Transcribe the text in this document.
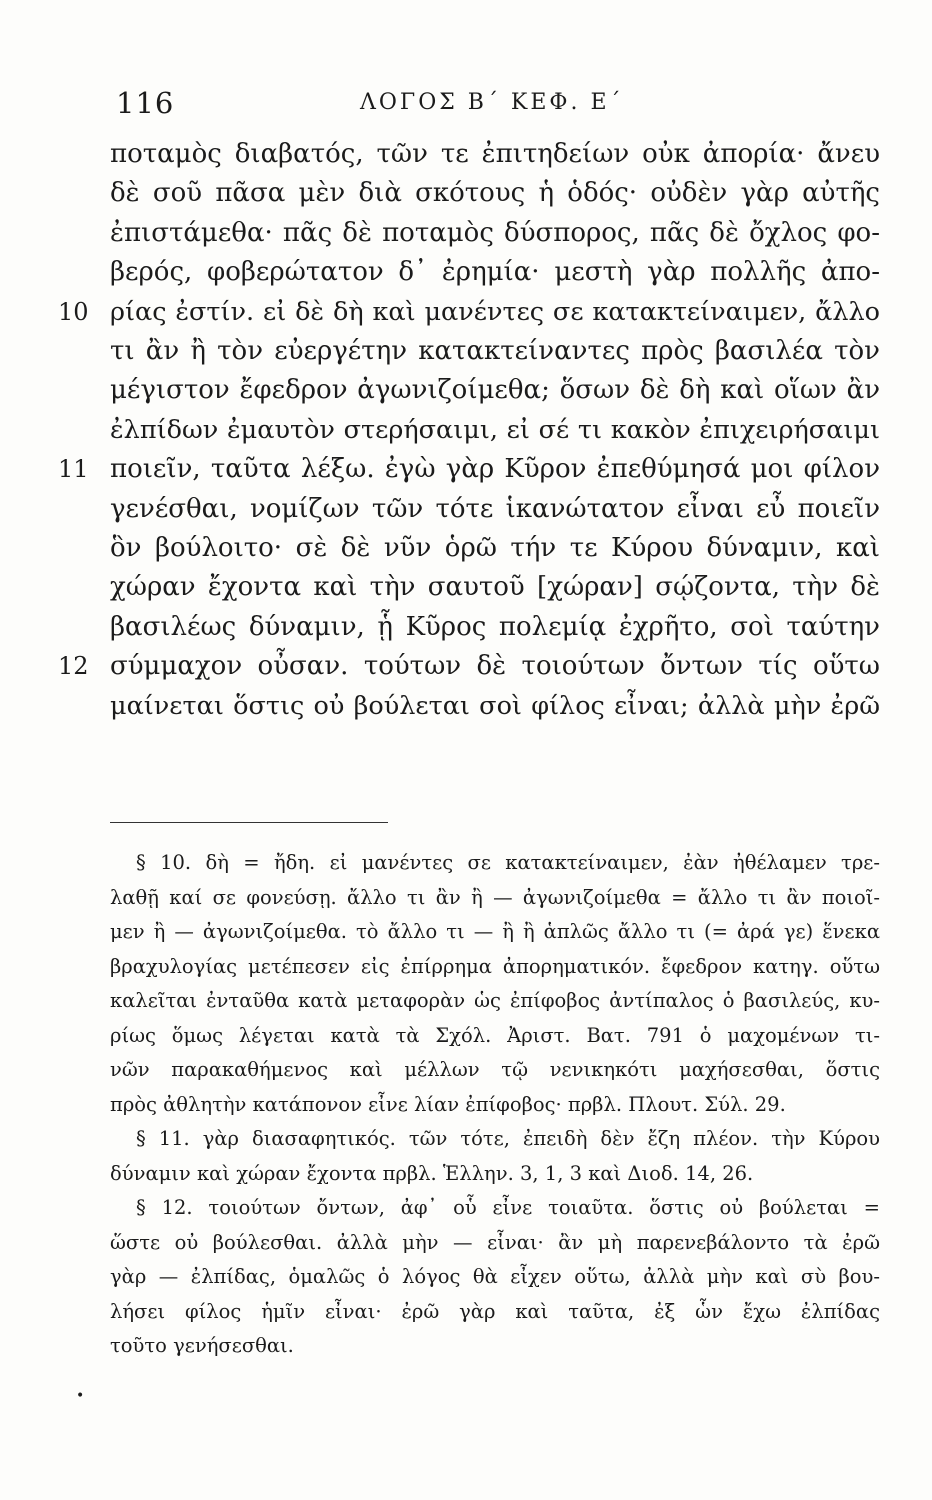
116	ΛΟΓΟΣ Β΄ ΚΕΦ. Ε΄
ποταμὸς διαβατός, τῶν τε ἐπιτηδείων οὐκ ἀπορία· ἄνευ
δὲ σοῦ πᾶσα μὲν διὰ σκότους ἡ ὁδός· οὐδὲν γὰρ αὐτῆς
ἐπιστάμεθα· πᾶς δὲ ποταμὸς δύσπορος, πᾶς δὲ ὄχλος φο-
βερός, φοβερώτατον δ᾽ ἐρημία· μεστὴ γὰρ πολλῆς ἀπο-
10 ρίας ἐστίν. εἰ δὲ δὴ καὶ μανέντες σε κατακτείναιμεν, ἄλλο
τι ἂν ἢ τὸν εὐεργέτην κατακτείναντες πρὸς βασιλέα τὸν
μέγιστον ἔφεδρον ἀγωνιζοίμεθα; ὅσων δὲ δὴ καὶ οἵων ἂν
ἐλπίδων ἐμαυτὸν στερήσαιμι, εἰ σέ τι κακὸν ἐπιχειρήσαιμι
11 ποιεῖν, ταῦτα λέξω. ἐγὼ γὰρ Κῦρον ἐπεθύμησά μοι φίλον
γενέσθαι, νομίζων τῶν τότε ἱκανώτατον εἶναι εὖ ποιεῖν
ὃν βούλοιτο· σὲ δὲ νῦν ὁρῶ τήν τε Κύρου δύναμιν, καὶ
χώραν ἔχοντα καὶ τὴν σαυτοῦ [χώραν] σῴζοντα, τὴν δὲ
βασιλέως δύναμιν, ᾗ Κῦρος πολεμίᾳ ἐχρῆτο, σοὶ ταύτην
12 σύμμαχον οὖσαν. τούτων δὲ τοιούτων ὄντων τίς οὕτω
μαίνεται ὅστις οὐ βούλεται σοὶ φίλος εἶναι; ἀλλὰ μὴν ἐρῶ
§ 10. δὴ = ἤδη. εἰ μανέντες σε κατακτείναιμεν, ἐὰν ἠθέλαμεν τρε-
λαθῇ καί σε φονεύσῃ. ἄλλο τι ἂν ἢ — ἀγωνιζοίμεθα = ἄλλο τι ἂν ποιοῖ-
μεν ἢ — ἀγωνιζοίμεθα. τὸ ἄλλο τι — ἢ ἢ ἁπλῶς ἄλλο τι (= ἀρά γε) ἕνεκα
βραχυλογίας μετέπεσεν εἰς ἐπίρρημα ἀπορηματικόν. ἔφεδρον κατηγ. οὕτω
καλεῖται ἐνταῦθα κατὰ μεταφορὰν ὡς ἐπίφοβος ἀντίπαλος ὁ βασιλεύς, κυ-
ρίως ὅμως λέγεται κατὰ τὰ Σχόλ. Ἀριστ. Βατ. 791 ὁ μαχομένων τι-
νῶν παρακαθήμενος καὶ μέλλων τῷ νενικηκότι μαχήσεσθαι, ὅστις
πρὸς ἀθλητὴν κατάπονον εἶνε λίαν ἐπίφοβος· πρβλ. Πλουτ. Σύλ. 29.
§ 11. γὰρ διασαφητικός. τῶν τότε, ἐπειδὴ δὲν ἔζη πλέον. τὴν Κύρου
δύναμιν καὶ χώραν ἔχοντα πρβλ. Ἑλλην. 3, 1, 3 καὶ Διοδ. 14, 26.
§ 12. τοιούτων ὄντων, ἀφ᾽ οὗ εἶνε τοιαῦτα. ὅστις οὐ βούλεται =
ὥστε οὐ βούλεσθαι. ἀλλὰ μὴν — εἶναι· ἂν μὴ παρενεβάλοντο τὰ ἐρῶ
γὰρ — ἐλπίδας, ὁμαλῶς ὁ λόγος θὰ εἶχεν οὕτω, ἀλλὰ μὴν καὶ σὺ βου-
λήσει φίλος ἡμῖν εἶναι· ἐρῶ γὰρ καὶ ταῦτα, ἐξ ὧν ἔχω ἐλπίδας
τοῦτο γενήσεσθαι.
•
